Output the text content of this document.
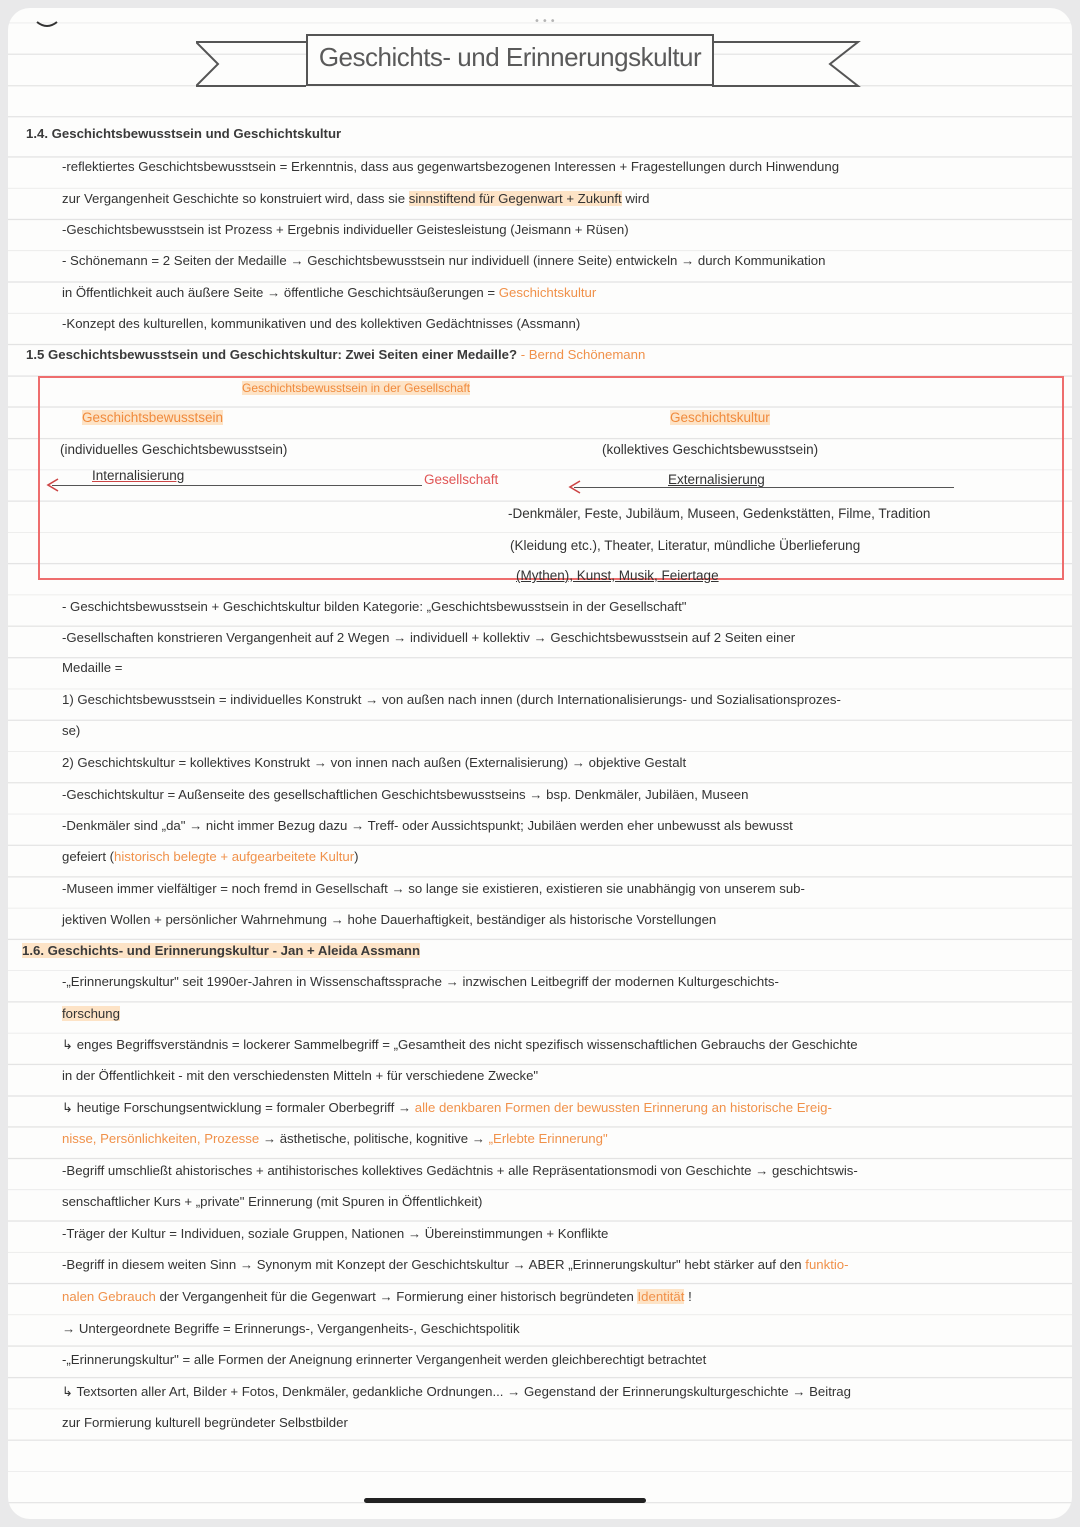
•••
Geschichts- und Erinnerungskultur
1.4. Geschichtsbewusstsein und Geschichtskultur
-reflektiertes Geschichtsbewusstsein = Erkenntnis, dass aus gegenwartsbezogenen Interessen + Fragestellungen durch Hinwendung
zur Vergangenheit Geschichte so konstruiert wird, dass sie sinnstiftend für Gegenwart + Zukunft wird
-Geschichtsbewusstsein ist Prozess + Ergebnis individueller Geistesleistung (Jeismann + Rüsen)
- Schönemann = 2 Seiten der Medaille → Geschichtsbewusstsein nur individuell (innere Seite) entwickeln → durch Kommunikation
in Öffentlichkeit auch äußere Seite → öffentliche Geschichtsäußerungen = Geschichtskultur
-Konzept des kulturellen, kommunikativen und des kollektiven Gedächtnisses (Assmann)
1.5 Geschichtsbewusstsein und Geschichtskultur: Zwei Seiten einer Medaille? - Bernd Schönemann
Geschichtsbewusstsein in der Gesellschaft
Geschichtsbewusstsein
(individuelles Geschichtsbewusstsein)
Geschichtskultur
(kollektives Geschichtsbewusstsein)
Internalisierung	Gesellschaft	Externalisierung
-Denkmäler, Feste, Jubiläum, Museen, Gedenkstätten, Filme, Tradition
(Kleidung etc.), Theater, Literatur, mündliche Überlieferung
(Mythen), Kunst, Musik, Feiertage
- Geschichtsbewusstsein + Geschichtskultur bilden Kategorie: „Geschichtsbewusstsein in der Gesellschaft"
-Gesellschaften konstrieren Vergangenheit auf 2 Wegen → individuell + kollektiv → Geschichtsbewusstsein auf 2 Seiten einer
Medaille =
1) Geschichtsbewusstsein = individuelles Konstrukt → von außen nach innen (durch Internationalisierungs- und Sozialisationsprozes-
se)
2) Geschichtskultur = kollektives Konstrukt → von innen nach außen (Externalisierung) → objektive Gestalt
-Geschichtskultur = Außenseite des gesellschaftlichen Geschichtsbewusstseins → bsp. Denkmäler, Jubiläen, Museen
-Denkmäler sind „da" → nicht immer Bezug dazu → Treff- oder Aussichtspunkt; Jubiläen werden eher unbewusst als bewusst
gefeiert (historisch belegte + aufgearbeitete Kultur)
-Museen immer vielfältiger = noch fremd in Gesellschaft → so lange sie existieren, existieren sie unabhängig von unserem sub-
jektiven Wollen + persönlicher Wahrnehmung → hohe Dauerhaftigkeit, beständiger als historische Vorstellungen
1.6. Geschichts- und Erinnerungskultur - Jan + Aleida Assmann
-„Erinnerungskultur" seit 1990er-Jahren in Wissenschaftssprache → inzwischen Leitbegriff der modernen Kulturgeschichts-
forschung
↳ enges Begriffsverständnis = lockerer Sammelbegriff = „Gesamtheit des nicht spezifisch wissenschaftlichen Gebrauchs der Geschichte
in der Öffentlichkeit - mit den verschiedensten Mitteln + für verschiedene Zwecke"
↳ heutige Forschungsentwicklung = formaler Oberbegriff → alle denkbaren Formen der bewussten Erinnerung an historische Ereig-
nisse, Persönlichkeiten, Prozesse → ästhetische, politische, kognitive → „Erlebte Erinnerung"
-Begriff umschließt ahistorisches + antihistorisches kollektives Gedächtnis + alle Repräsentationsmodi von Geschichte → geschichtswis-
senschaftlicher Kurs + „private" Erinnerung (mit Spuren in Öffentlichkeit)
-Träger der Kultur = Individuen, soziale Gruppen, Nationen → Übereinstimmungen + Konflikte
-Begriff in diesem weiten Sinn → Synonym mit Konzept der Geschichtskultur → ABER „Erinnerungskultur" hebt stärker auf den funktio-
nalen Gebrauch der Vergangenheit für die Gegenwart → Formierung einer historisch begründeten Identität !
→ Untergeordnete Begriffe = Erinnerungs-, Vergangenheits-, Geschichtspolitik
-„Erinnerungskultur" = alle Formen der Aneignung erinnerter Vergangenheit werden gleichberechtigt betrachtet
↳ Textsorten aller Art, Bilder + Fotos, Denkmäler, gedankliche Ordnungen... → Gegenstand der Erinnerungskulturgeschichte → Beitrag
zur Formierung kulturell begründeter Selbstbilder
